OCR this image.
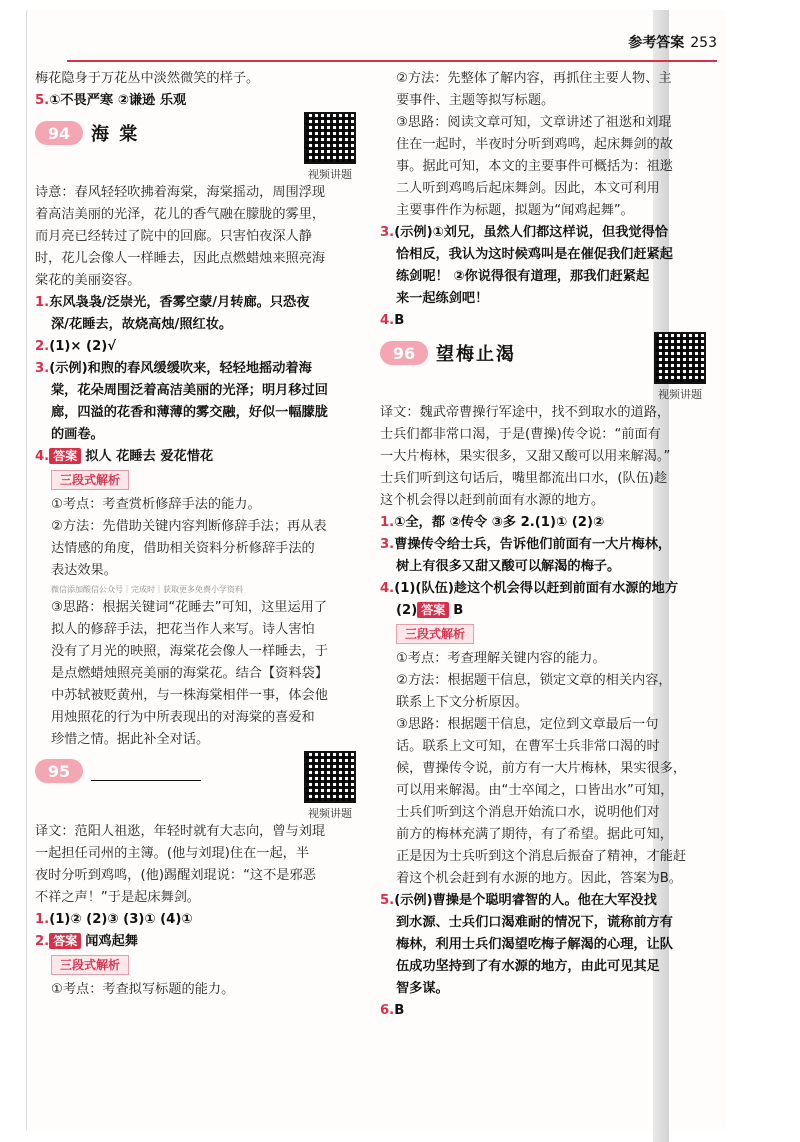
参考答案 253

梅花隐身于万花丛中淡然微笑的样子。

5.①不畏严寒 ②谦逊 乐观

94	海 棠
视频讲题

诗意：春风轻轻吹拂着海棠，海棠摇动，周围浮现

着高洁美丽的光泽，花儿的香气融在朦胧的雾里，

而月亮已经转过了院中的回廊。只害怕夜深人静

时，花儿会像人一样睡去，因此点燃蜡烛来照亮海

棠花的美丽姿容。

1.东风袅袅/泛崇光，香雾空蒙/月转廊。只恐夜

深/花睡去，故烧高烛/照红妆。

2.(1)× (2)√

3.(示例)和煦的春风缓缓吹来，轻轻地摇动着海

棠，花朵周围泛着高洁美丽的光泽；明月移过回

廊，四溢的花香和薄薄的雾交融，好似一幅朦胧

的画卷。

4. 答案 拟人 花睡去 爱花惜花

三段式解析

①考点：考查赏析修辞手法的能力。

②方法：先借助关键内容判断修辞手法；再从表

达情感的角度，借助相关资料分析修辞手法的

表达效果。

微信添加酸信公众号｜完成时｜获取更多免费小学资料

③思路：根据关键词“花睡去”可知，这里运用了

拟人的修辞手法，把花当作人来写。诗人害怕

没有了月光的映照，海棠花会像人一样睡去，于

是点燃蜡烛照亮美丽的海棠花。结合【资料袋】

中苏轼被贬黄州，与一株海棠相伴一事，体会他

用烛照花的行为中所表现出的对海棠的喜爱和

珍惜之情。据此补全对话。

95
视频讲题

译文：范阳人祖逖，年轻时就有大志向，曾与刘琨

一起担任司州的主簿。(他与刘琨)住在一起，半

夜时分听到鸡鸣，(他)踢醒刘琨说：“这不是邪恶

不祥之声！”于是起床舞剑。

1.(1)② (2)③ (3)① (4)①

2. 答案 闻鸡起舞

三段式解析

①考点：考查拟写标题的能力。

②方法：先整体了解内容，再抓住主要人物、主

要事件、主题等拟写标题。

③思路：阅读文章可知，文章讲述了祖逖和刘琨

住在一起时，半夜时分听到鸡鸣，起床舞剑的故

事。据此可知，本文的主要事件可概括为：祖逖

二人听到鸡鸣后起床舞剑。因此，本文可利用

主要事件作为标题，拟题为“闻鸡起舞”。

3.(示例)①刘兄，虽然人们都这样说，但我觉得恰

恰相反，我认为这时候鸡叫是在催促我们赶紧起

练剑呢！ ②你说得很有道理，那我们赶紧起

来一起练剑吧！

4.B

96	望梅止渴
视频讲题

译文：魏武帝曹操行军途中，找不到取水的道路，

士兵们都非常口渴，于是(曹操)传令说：“前面有

一大片梅林，果实很多，又甜又酸可以用来解渴。”

士兵们听到这句话后，嘴里都流出口水，(队伍)趁

这个机会得以赶到前面有水源的地方。

1.①全，都 ②传令 ③多 2.(1)① (2)②

3.曹操传令给士兵，告诉他们前面有一大片梅林，

树上有很多又甜又酸可以解渴的梅子。

4.(1)(队伍)趁这个机会得以赶到前面有水源的地方

(2) 答案 B

三段式解析

①考点：考查理解关键内容的能力。

②方法：根据题干信息，锁定文章的相关内容，

联系上下文分析原因。

③思路：根据题干信息，定位到文章最后一句

话。联系上文可知，在曹军士兵非常口渴的时

候，曹操传令说，前方有一大片梅林，果实很多，

可以用来解渴。由“士卒闻之，口皆出水”可知，

士兵们听到这个消息开始流口水，说明他们对

前方的梅林充满了期待，有了希望。据此可知，

正是因为士兵听到这个消息后振奋了精神，才能赶

着这个机会赶到有水源的地方。因此，答案为B。

5.(示例)曹操是个聪明睿智的人。他在大军没找

到水源、士兵们口渴难耐的情况下，谎称前方有

梅林，利用士兵们渴望吃梅子解渴的心理，让队

伍成功坚持到了有水源的地方，由此可见其足

智多谋。

6.B
